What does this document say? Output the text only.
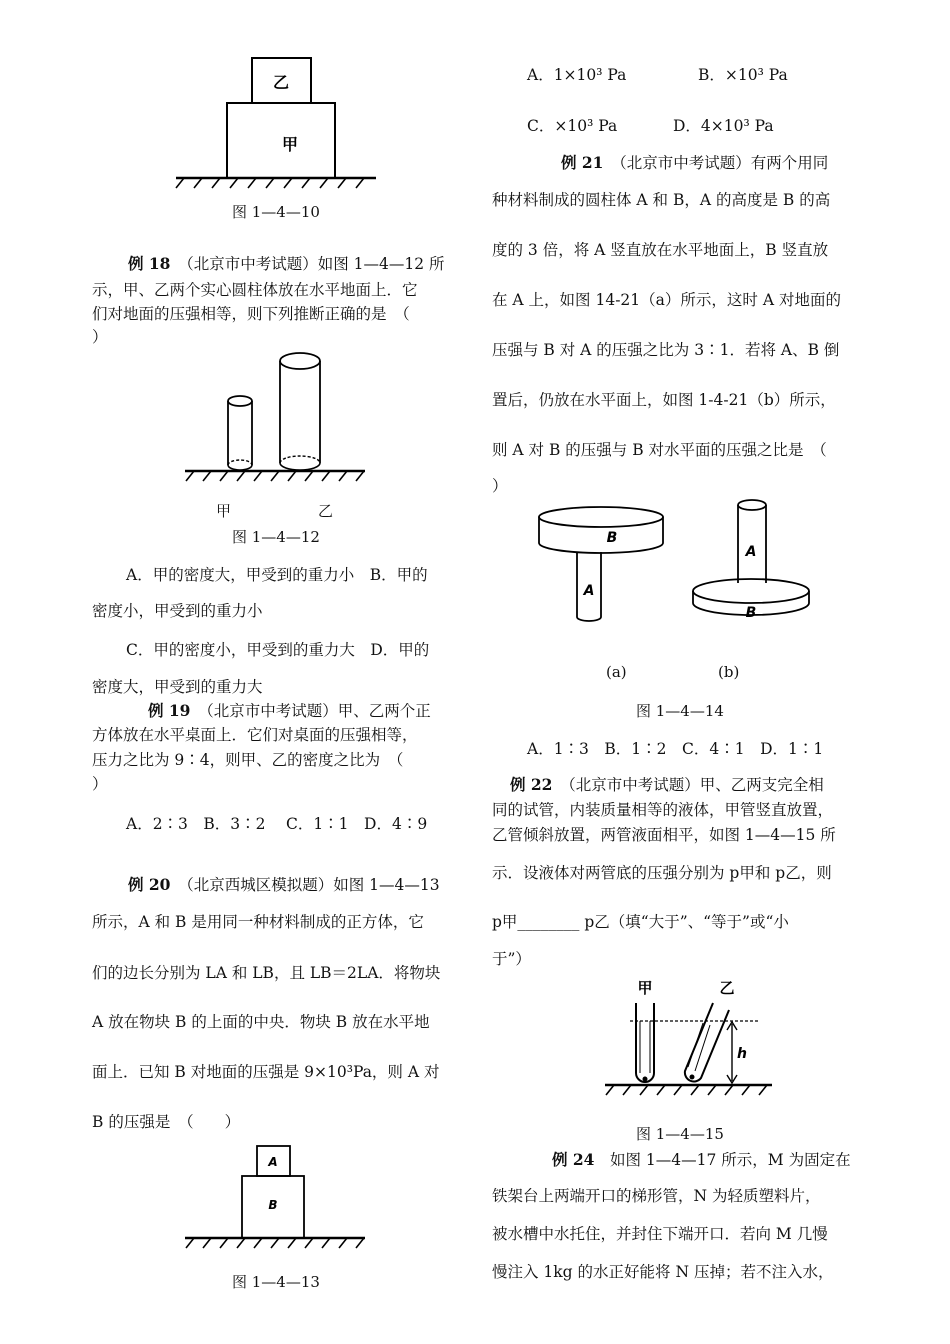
乙
甲
图 1—4—10
例 18　 （北京市中考试题）如图 1—4—12 所
示，甲、乙两个实心圆柱体放在水平地面上．它
们对地面的压强相等，则下列推断正确的是　（
）
甲	乙
图 1—4—12
A．甲的密度大，甲受到的重力小　B．甲的
密度小，甲受到的重力小
C．甲的密度小，甲受到的重力大　D．甲的
密度大，甲受到的重力大
例 19　 （北京市中考试题）甲、乙两个正
方体放在水平桌面上．它们对桌面的压强相等，
压力之比为 9∶4，则甲、乙的密度之比为　（
）
A．2∶3　B．3∶2　 C．1∶1　D．4∶9
例 20　 （北京西城区模拟题）如图 1—4—13
所示，A 和 B 是用同一种材料制成的正方体，它
们的边长分别为 LA 和 LB，且 LB＝2LA．将物块
A 放在物块 B 的上面的中央．物块 B 放在水平地
面上．已知 B 对地面的压强是 9×10³Pa，则 A 对
B 的压强是　（　　）
A
B
图 1—4—13
A．1×10³ Pa	B．×10³ Pa
C．×10³ Pa	D．4×10³ Pa
例 21　 （北京市中考试题）有两个用同
种材料制成的圆柱体 A 和 B，A 的高度是 B 的高
度的 3 倍，将 A 竖直放在水平地面上，B 竖直放
在 A 上，如图 14-21（a）所示，这时 A 对地面的
压强与 B 对 A 的压强之比为 3∶1．若将 A、B 倒
置后，仍放在水平面上，如图 1-4-21（b）所示，
则 A 对 B 的压强与 B 对水平面的压强之比是　（
）
B
A
A
B
(a)	(b)
图 1—4—14
A．1∶3　B．1∶2　C．4∶1　D．1∶1
例 22　 （北京市中考试题）甲、乙两支完全相
同的试管，内装质量相等的液体，甲管竖直放置，
乙管倾斜放置，两管液面相平，如图 1—4—15 所
示．设液体对两管底的压强分别为 p甲和 p乙，则
p甲________ p乙（填“大于”、“等于”或“小
于”）
甲	乙
h
图 1—4—15
例 24　 如图 1—4—17 所示，M 为固定在
铁架台上两端开口的梯形管，N 为轻质塑料片，
被水槽中水托住，并封住下端开口．若向 M 几慢
慢注入 1kg 的水正好能将 N 压掉；若不注入水，
